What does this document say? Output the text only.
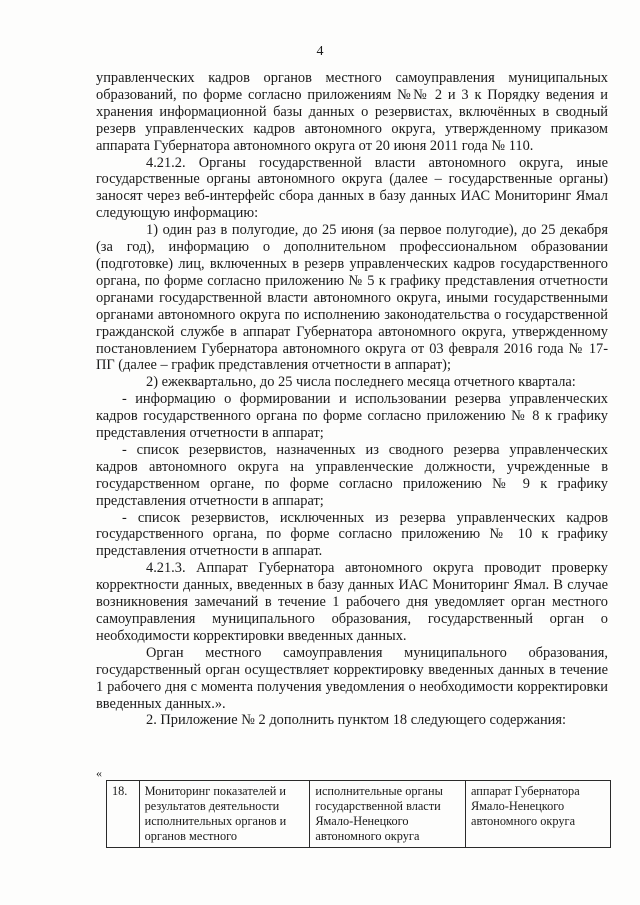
4

управленческих кадров органов местного самоуправления муниципальных образований, по форме согласно приложениям №№ 2 и 3 к Порядку ведения и хранения информационной базы данных о резервистах, включённых в сводный резерв управленческих кадров автономного округа, утвержденному приказом аппарата Губернатора автономного округа от 20 июня 2011 года № 110.

4.21.2. Органы государственной власти автономного округа, иные государственные органы автономного округа (далее – государственные органы) заносят через веб-интерфейс сбора данных в базу данных ИАС Мониторинг Ямал следующую информацию:

1) один раз в полугодие, до 25 июня (за первое полугодие), до 25 декабря (за год), информацию о дополнительном профессиональном образовании (подготовке) лиц, включенных в резерв управленческих кадров государственного органа, по форме согласно приложению № 5 к графику представления отчетности органами государственной власти автономного округа, иными государственными органами автономного округа по исполнению законодательства о государственной гражданской службе в аппарат Губернатора автономного округа, утвержденному постановлением Губернатора автономного округа от 03 февраля 2016 года № 17-ПГ (далее – график представления отчетности в аппарат);

2) ежеквартально, до 25 числа последнего месяца отчетного квартала:

- информацию о формировании и использовании резерва управленческих кадров государственного органа по форме согласно приложению № 8 к графику представления отчетности в аппарат;

- список резервистов, назначенных из сводного резерва управленческих кадров автономного округа на управленческие должности, учрежденные в государственном органе, по форме согласно приложению № 9 к графику представления отчетности в аппарат;

- список резервистов, исключенных из резерва управленческих кадров государственного органа, по форме согласно приложению № 10 к графику представления отчетности в аппарат.

4.21.3. Аппарат Губернатора автономного округа проводит проверку корректности данных, введенных в базу данных ИАС Мониторинг Ямал. В случае возникновения замечаний в течение 1 рабочего дня уведомляет орган местного самоуправления муниципального образования, государственный орган о необходимости корректировки введенных данных.

Орган местного самоуправления муниципального образования, государственный орган осуществляет корректировку введенных данных в течение 1 рабочего дня с момента получения уведомления о необходимости корректировки введенных данных.».

2. Приложение № 2 дополнить пунктом 18 следующего содержания:

«
18.	Мониторинг показателей и результатов деятельности исполнительных органов и органов местного	исполнительные органы государственной власти Ямало-Ненецкого автономного округа	аппарат Губернатора Ямало-Ненецкого автономного округа
